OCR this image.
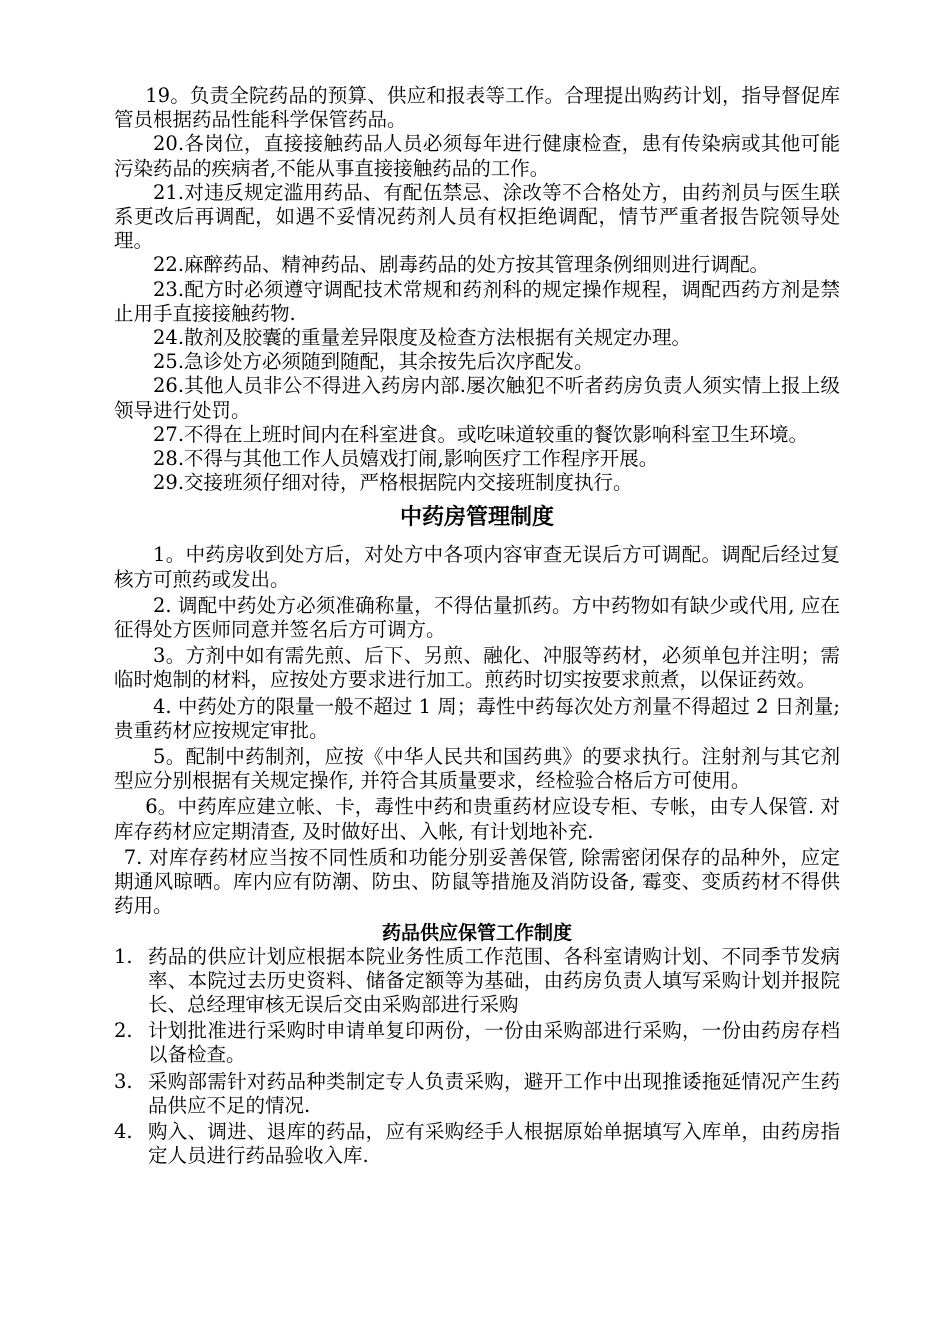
19。负责全院药品的预算、供应和报表等工作。合理提出购药计划，指导督促库管员根据药品性能科学保管药品。

20.各岗位，直接接触药品人员必须每年进行健康检查，患有传染病或其他可能污染药品的疾病者,不能从事直接接触药品的工作。

21.对违反规定滥用药品、有配伍禁忌、涂改等不合格处方，由药剂员与医生联系更改后再调配，如遇不妥情况药剂人员有权拒绝调配，情节严重者报告院领导处理。

22.麻醉药品、精神药品、剧毒药品的处方按其管理条例细则进行调配。

23.配方时必须遵守调配技术常规和药剂科的规定操作规程，调配西药方剂是禁止用手直接接触药物.

24.散剂及胶囊的重量差异限度及检查方法根据有关规定办理。

25.急诊处方必须随到随配，其余按先后次序配发。

26.其他人员非公不得进入药房内部.屡次触犯不听者药房负责人须实情上报上级领导进行处罚。

27.不得在上班时间内在科室进食。或吃味道较重的餐饮影响科室卫生环境。

28.不得与其他工作人员嬉戏打闹,影响医疗工作程序开展。

29.交接班须仔细对待，严格根据院内交接班制度执行。

中药房管理制度

1。中药房收到处方后，对处方中各项内容审查无误后方可调配。调配后经过复核方可煎药或发出。

2. 调配中药处方必须准确称量，不得估量抓药。方中药物如有缺少或代用, 应在征得处方医师同意并签名后方可调方。

3。方剂中如有需先煎、后下、另煎、融化、冲服等药材，必须单包并注明；需临时炮制的材料，应按处方要求进行加工。煎药时切实按要求煎煮，以保证药效。

4. 中药处方的限量一般不超过 1 周；毒性中药每次处方剂量不得超过 2 日剂量;贵重药材应按规定审批。

5。配制中药制剂，应按《中华人民共和国药典》的要求执行。注射剂与其它剂型应分别根据有关规定操作, 并符合其质量要求，经检验合格后方可使用。

6。中药库应建立帐、卡，毒性中药和贵重药材应设专柜、专帐，由专人保管. 对库存药材应定期清查, 及时做好出、入帐, 有计划地补充.

7. 对库存药材应当按不同性质和功能分别妥善保管, 除需密闭保存的品种外，应定期通风晾晒。库内应有防潮、防虫、防鼠等措施及消防设备, 霉变、变质药材不得供药用。

药品供应保管工作制度
1. 药品的供应计划应根据本院业务性质工作范围、各科室请购计划、不同季节发病率、本院过去历史资料、储备定额等为基础，由药房负责人填写采购计划并报院长、总经理审核无误后交由采购部进行采购
2. 计划批准进行采购时申请单复印两份，一份由采购部进行采购，一份由药房存档以备检查。
3. 采购部需针对药品种类制定专人负责采购，避开工作中出现推诿拖延情况产生药品供应不足的情况.
4. 购入、调进、退库的药品，应有采购经手人根据原始单据填写入库单，由药房指定人员进行药品验收入库.
